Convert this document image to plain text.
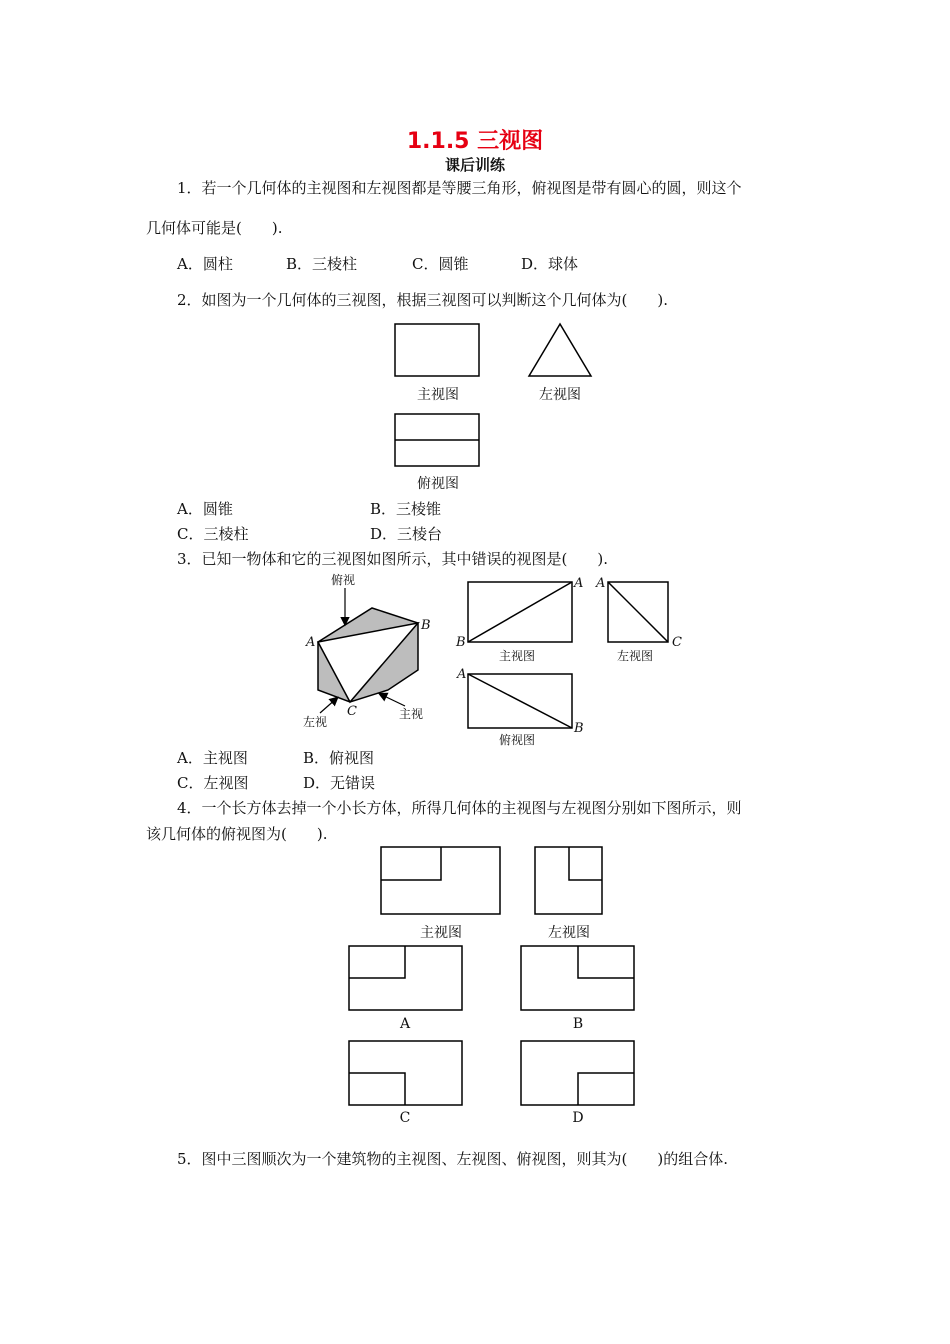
1.1.5 三视图
课后训练
1．若一个几何体的主视图和左视图都是等腰三角形，俯视图是带有圆心的圆，则这个
几何体可能是(　　).
A．圆柱	B．三棱柱	C．圆锥	D．球体
2．如图为一个几何体的三视图，根据三视图可以判断这个几何体为(　　).
主视图	左视图
俯视图
A．圆锥	B．三棱锥
C．三棱柱	D．三棱台
3．已知一物体和它的三视图如图所示，其中错误的视图是(　　).
俯视
左视
主视
A
B
C
A
B
A
C
A
B
主视图	左视图
俯视图
A．主视图	B．俯视图
C．左视图	D．无错误
4．一个长方体去掉一个小长方体，所得几何体的主视图与左视图分别如下图所示，则
该几何体的俯视图为(　　).
主视图	左视图
A	B
C	D
5．图中三图顺次为一个建筑物的主视图、左视图、俯视图，则其为(　　)的组合体.
